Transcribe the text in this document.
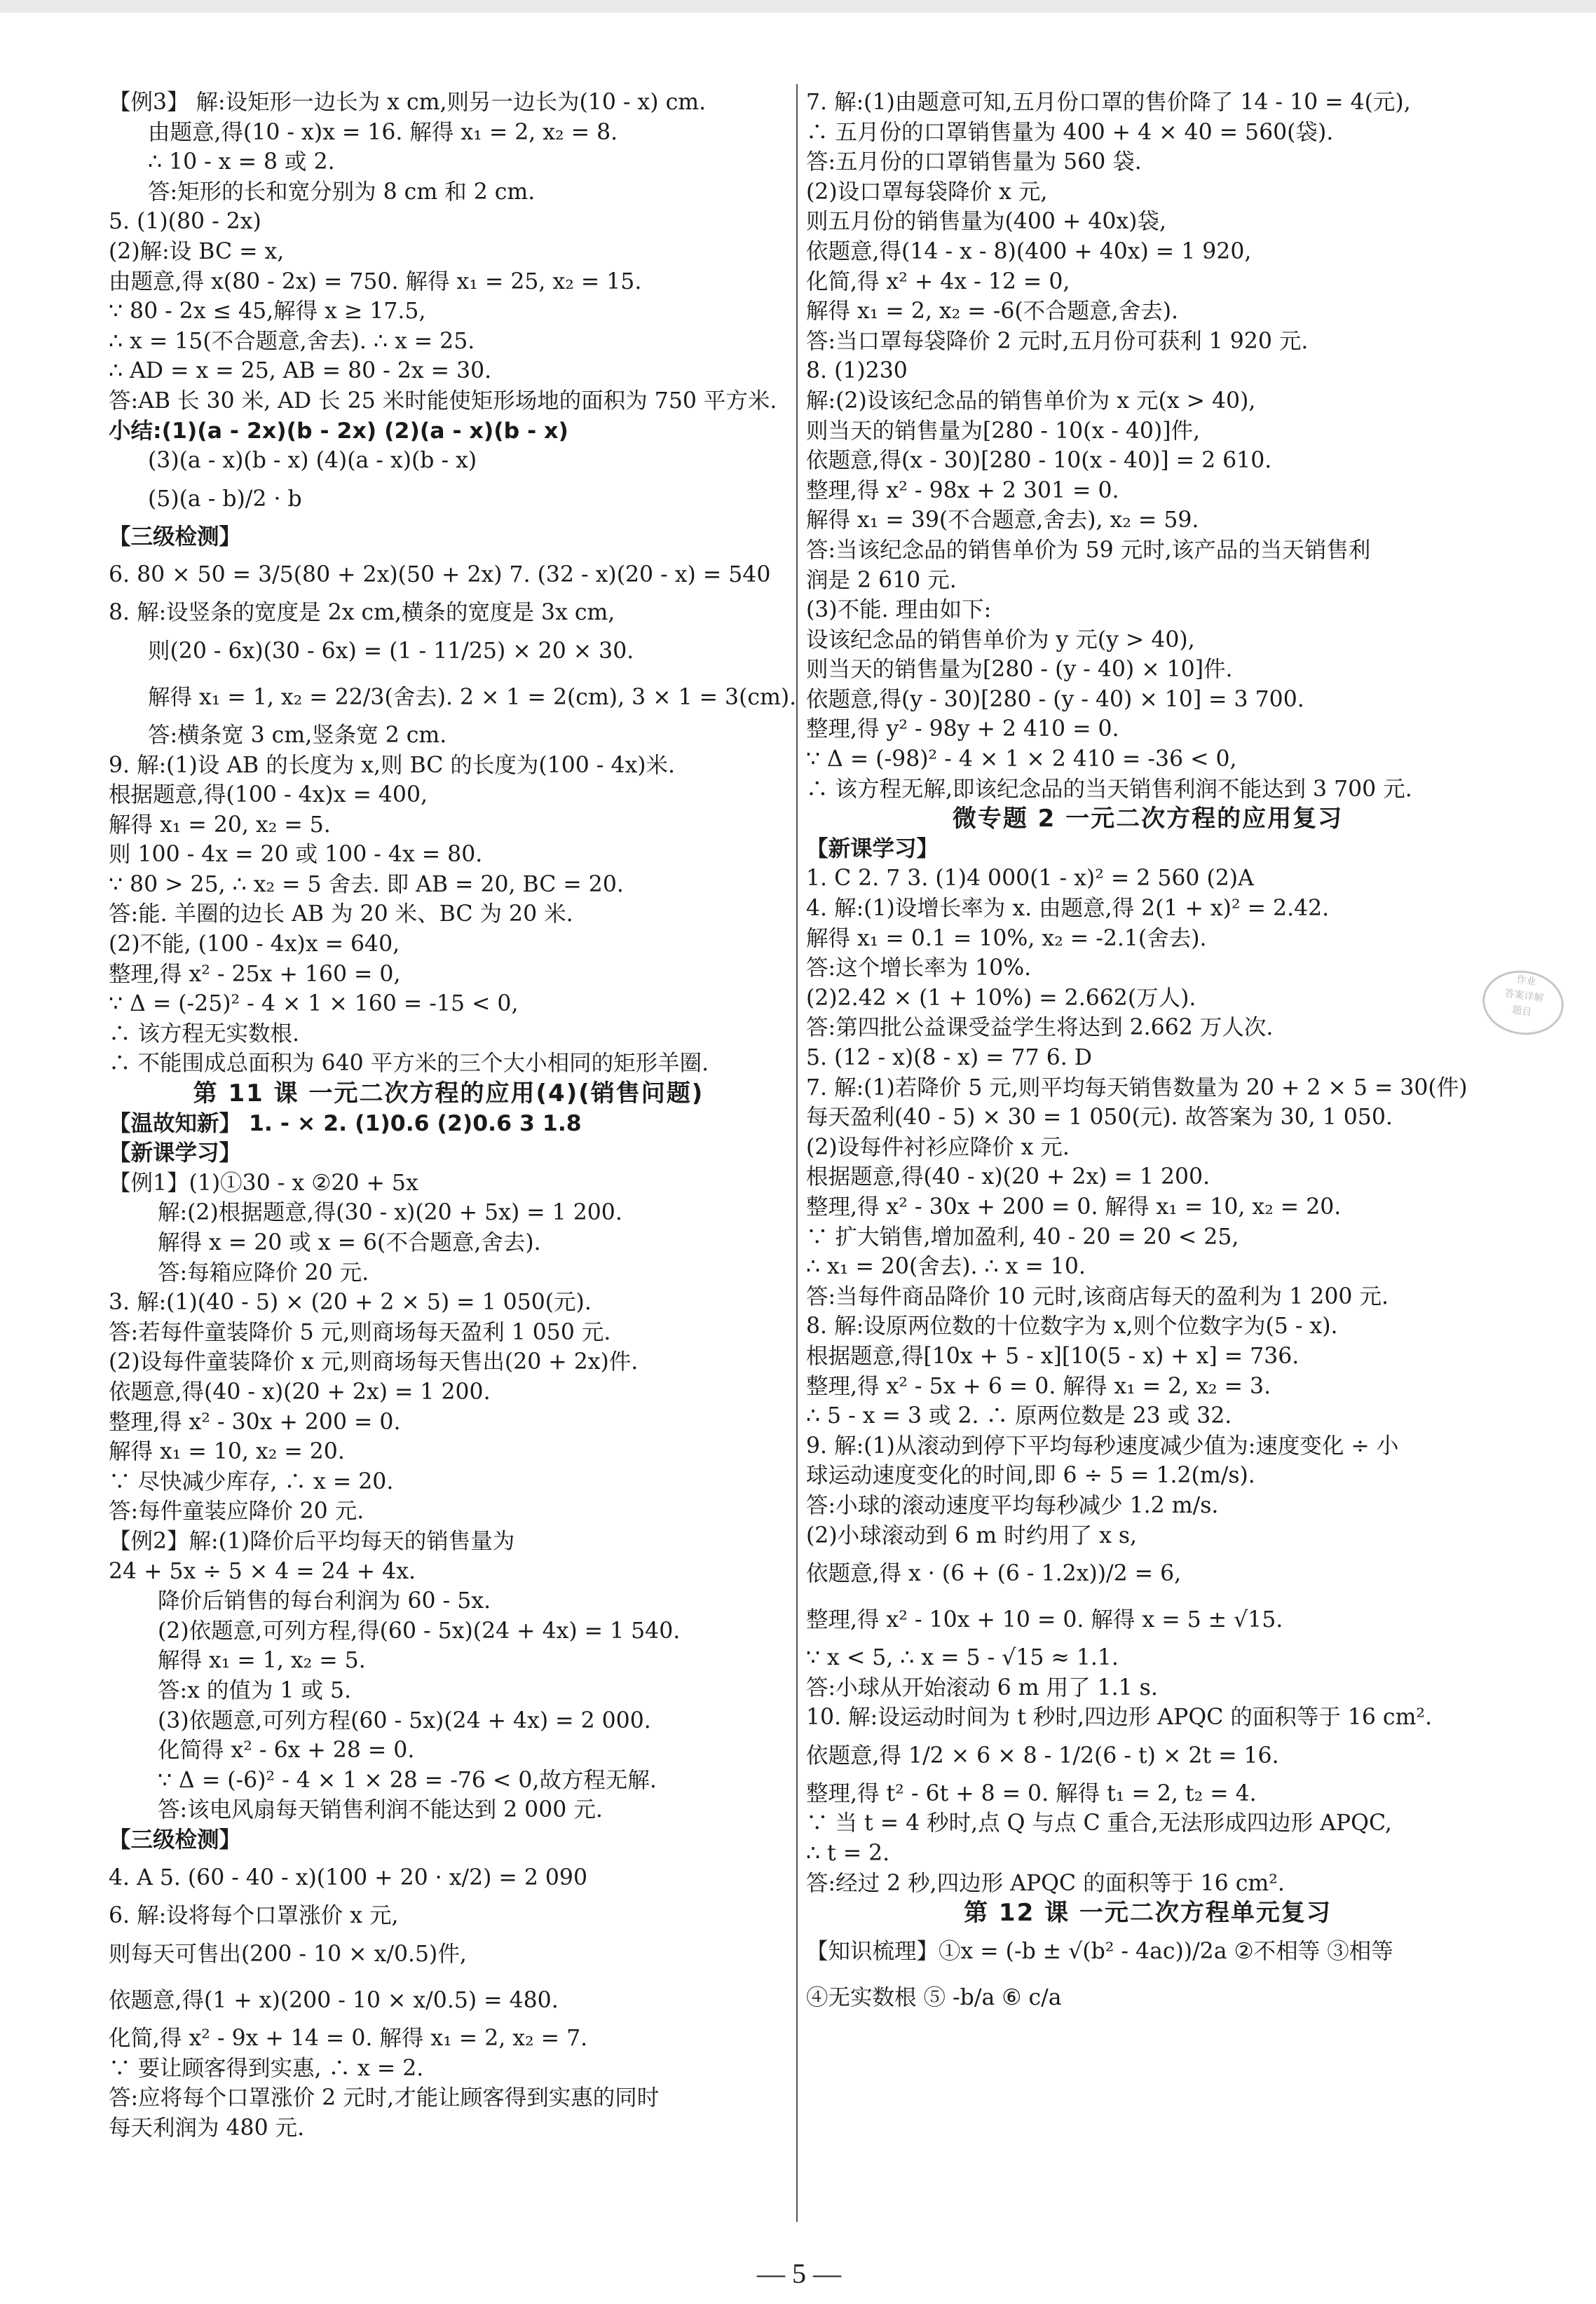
【例3】 解:设矩形一边长为 x cm,则另一边长为(10 - x) cm.
由题意,得(10 - x)x = 16. 解得 x₁ = 2, x₂ = 8.
∴ 10 - x = 8 或 2.
答:矩形的长和宽分别为 8 cm 和 2 cm.
5. (1)(80 - 2x)
(2)解:设 BC = x,
由题意,得 x(80 - 2x) = 750. 解得 x₁ = 25, x₂ = 15.
∵ 80 - 2x ≤ 45,解得 x ≥ 17.5,
∴ x = 15(不合题意,舍去). ∴ x = 25.
∴ AD = x = 25, AB = 80 - 2x = 30.
答:AB 长 30 米, AD 长 25 米时能使矩形场地的面积为 750 平方米.
小结:(1)(a - 2x)(b - 2x) (2)(a - x)(b - x)
(3)(a - x)(b - x) (4)(a - x)(b - x)
(5)(a - b)/2 · b
【三级检测】
6. 80 × 50 = 3/5(80 + 2x)(50 + 2x) 7. (32 - x)(20 - x) = 540
8. 解:设竖条的宽度是 2x cm,横条的宽度是 3x cm,
则(20 - 6x)(30 - 6x) = (1 - 11/25) × 20 × 30.
解得 x₁ = 1, x₂ = 22/3(舍去). 2 × 1 = 2(cm), 3 × 1 = 3(cm).
答:横条宽 3 cm,竖条宽 2 cm.
9. 解:(1)设 AB 的长度为 x,则 BC 的长度为(100 - 4x)米.
根据题意,得(100 - 4x)x = 400,
解得 x₁ = 20, x₂ = 5.
则 100 - 4x = 20 或 100 - 4x = 80.
∵ 80 > 25, ∴ x₂ = 5 舍去. 即 AB = 20, BC = 20.
答:能. 羊圈的边长 AB 为 20 米、BC 为 20 米.
(2)不能, (100 - 4x)x = 640,
整理,得 x² - 25x + 160 = 0,
∵ Δ = (-25)² - 4 × 1 × 160 = -15 < 0,
∴ 该方程无实数根.
∴ 不能围成总面积为 640 平方米的三个大小相同的矩形羊圈.
第 11 课 一元二次方程的应用(4)(销售问题)
【温故知新】 1. - × 2. (1)0.6 (2)0.6 3 1.8
【新课学习】
【例1】(1)①30 - x ②20 + 5x
解:(2)根据题意,得(30 - x)(20 + 5x) = 1 200.
解得 x = 20 或 x = 6(不合题意,舍去).
答:每箱应降价 20 元.
3. 解:(1)(40 - 5) × (20 + 2 × 5) = 1 050(元).
答:若每件童装降价 5 元,则商场每天盈利 1 050 元.
(2)设每件童装降价 x 元,则商场每天售出(20 + 2x)件.
依题意,得(40 - x)(20 + 2x) = 1 200.
整理,得 x² - 30x + 200 = 0.
解得 x₁ = 10, x₂ = 20.
∵ 尽快减少库存, ∴ x = 20.
答:每件童装应降价 20 元.
【例2】解:(1)降价后平均每天的销售量为
24 + 5x ÷ 5 × 4 = 24 + 4x.
降价后销售的每台利润为 60 - 5x.
(2)依题意,可列方程,得(60 - 5x)(24 + 4x) = 1 540.
解得 x₁ = 1, x₂ = 5.
答:x 的值为 1 或 5.
(3)依题意,可列方程(60 - 5x)(24 + 4x) = 2 000.
化简得 x² - 6x + 28 = 0.
∵ Δ = (-6)² - 4 × 1 × 28 = -76 < 0,故方程无解.
答:该电风扇每天销售利润不能达到 2 000 元.
【三级检测】
4. A 5. (60 - 40 - x)(100 + 20 · x/2) = 2 090
6. 解:设将每个口罩涨价 x 元,
则每天可售出(200 - 10 × x/0.5)件,
依题意,得(1 + x)(200 - 10 × x/0.5) = 480.
化简,得 x² - 9x + 14 = 0. 解得 x₁ = 2, x₂ = 7.
∵ 要让顾客得到实惠, ∴ x = 2.
答:应将每个口罩涨价 2 元时,才能让顾客得到实惠的同时
每天利润为 480 元.
7. 解:(1)由题意可知,五月份口罩的售价降了 14 - 10 = 4(元),
∴ 五月份的口罩销售量为 400 + 4 × 40 = 560(袋).
答:五月份的口罩销售量为 560 袋.
(2)设口罩每袋降价 x 元,
则五月份的销售量为(400 + 40x)袋,
依题意,得(14 - x - 8)(400 + 40x) = 1 920,
化简,得 x² + 4x - 12 = 0,
解得 x₁ = 2, x₂ = -6(不合题意,舍去).
答:当口罩每袋降价 2 元时,五月份可获利 1 920 元.
8. (1)230
解:(2)设该纪念品的销售单价为 x 元(x > 40),
则当天的销售量为[280 - 10(x - 40)]件,
依题意,得(x - 30)[280 - 10(x - 40)] = 2 610.
整理,得 x² - 98x + 2 301 = 0.
解得 x₁ = 39(不合题意,舍去), x₂ = 59.
答:当该纪念品的销售单价为 59 元时,该产品的当天销售利
润是 2 610 元.
(3)不能. 理由如下:
设该纪念品的销售单价为 y 元(y > 40),
则当天的销售量为[280 - (y - 40) × 10]件.
依题意,得(y - 30)[280 - (y - 40) × 10] = 3 700.
整理,得 y² - 98y + 2 410 = 0.
∵ Δ = (-98)² - 4 × 1 × 2 410 = -36 < 0,
∴ 该方程无解,即该纪念品的当天销售利润不能达到 3 700 元.
微专题 2 一元二次方程的应用复习
【新课学习】
1. C 2. 7 3. (1)4 000(1 - x)² = 2 560 (2)A
4. 解:(1)设增长率为 x. 由题意,得 2(1 + x)² = 2.42.
解得 x₁ = 0.1 = 10%, x₂ = -2.1(舍去).
答:这个增长率为 10%.
(2)2.42 × (1 + 10%) = 2.662(万人).
答:第四批公益课受益学生将达到 2.662 万人次.
5. (12 - x)(8 - x) = 77 6. D
7. 解:(1)若降价 5 元,则平均每天销售数量为 20 + 2 × 5 = 30(件)
每天盈利(40 - 5) × 30 = 1 050(元). 故答案为 30, 1 050.
(2)设每件衬衫应降价 x 元.
根据题意,得(40 - x)(20 + 2x) = 1 200.
整理,得 x² - 30x + 200 = 0. 解得 x₁ = 10, x₂ = 20.
∵ 扩大销售,增加盈利, 40 - 20 = 20 < 25,
∴ x₁ = 20(舍去). ∴ x = 10.
答:当每件商品降价 10 元时,该商店每天的盈利为 1 200 元.
8. 解:设原两位数的十位数字为 x,则个位数字为(5 - x).
根据题意,得[10x + 5 - x][10(5 - x) + x] = 736.
整理,得 x² - 5x + 6 = 0. 解得 x₁ = 2, x₂ = 3.
∴ 5 - x = 3 或 2. ∴ 原两位数是 23 或 32.
9. 解:(1)从滚动到停下平均每秒速度减少值为:速度变化 ÷ 小
球运动速度变化的时间,即 6 ÷ 5 = 1.2(m/s).
答:小球的滚动速度平均每秒减少 1.2 m/s.
(2)小球滚动到 6 m 时约用了 x s,
依题意,得 x · (6 + (6 - 1.2x))/2 = 6,
整理,得 x² - 10x + 10 = 0. 解得 x = 5 ± √15.
∵ x < 5, ∴ x = 5 - √15 ≈ 1.1.
答:小球从开始滚动 6 m 用了 1.1 s.
10. 解:设运动时间为 t 秒时,四边形 APQC 的面积等于 16 cm².
依题意,得 1/2 × 6 × 8 - 1/2(6 - t) × 2t = 16.
整理,得 t² - 6t + 8 = 0. 解得 t₁ = 2, t₂ = 4.
∵ 当 t = 4 秒时,点 Q 与点 C 重合,无法形成四边形 APQC,
∴ t = 2.
答:经过 2 秒,四边形 APQC 的面积等于 16 cm².
第 12 课 一元二次方程单元复习
【知识梳理】①x = (-b ± √(b² - 4ac))/2a ②不相等 ③相等
④无实数根 ⑤ -b/a ⑥ c/a
作业
答案详解
题目
— 5 —
